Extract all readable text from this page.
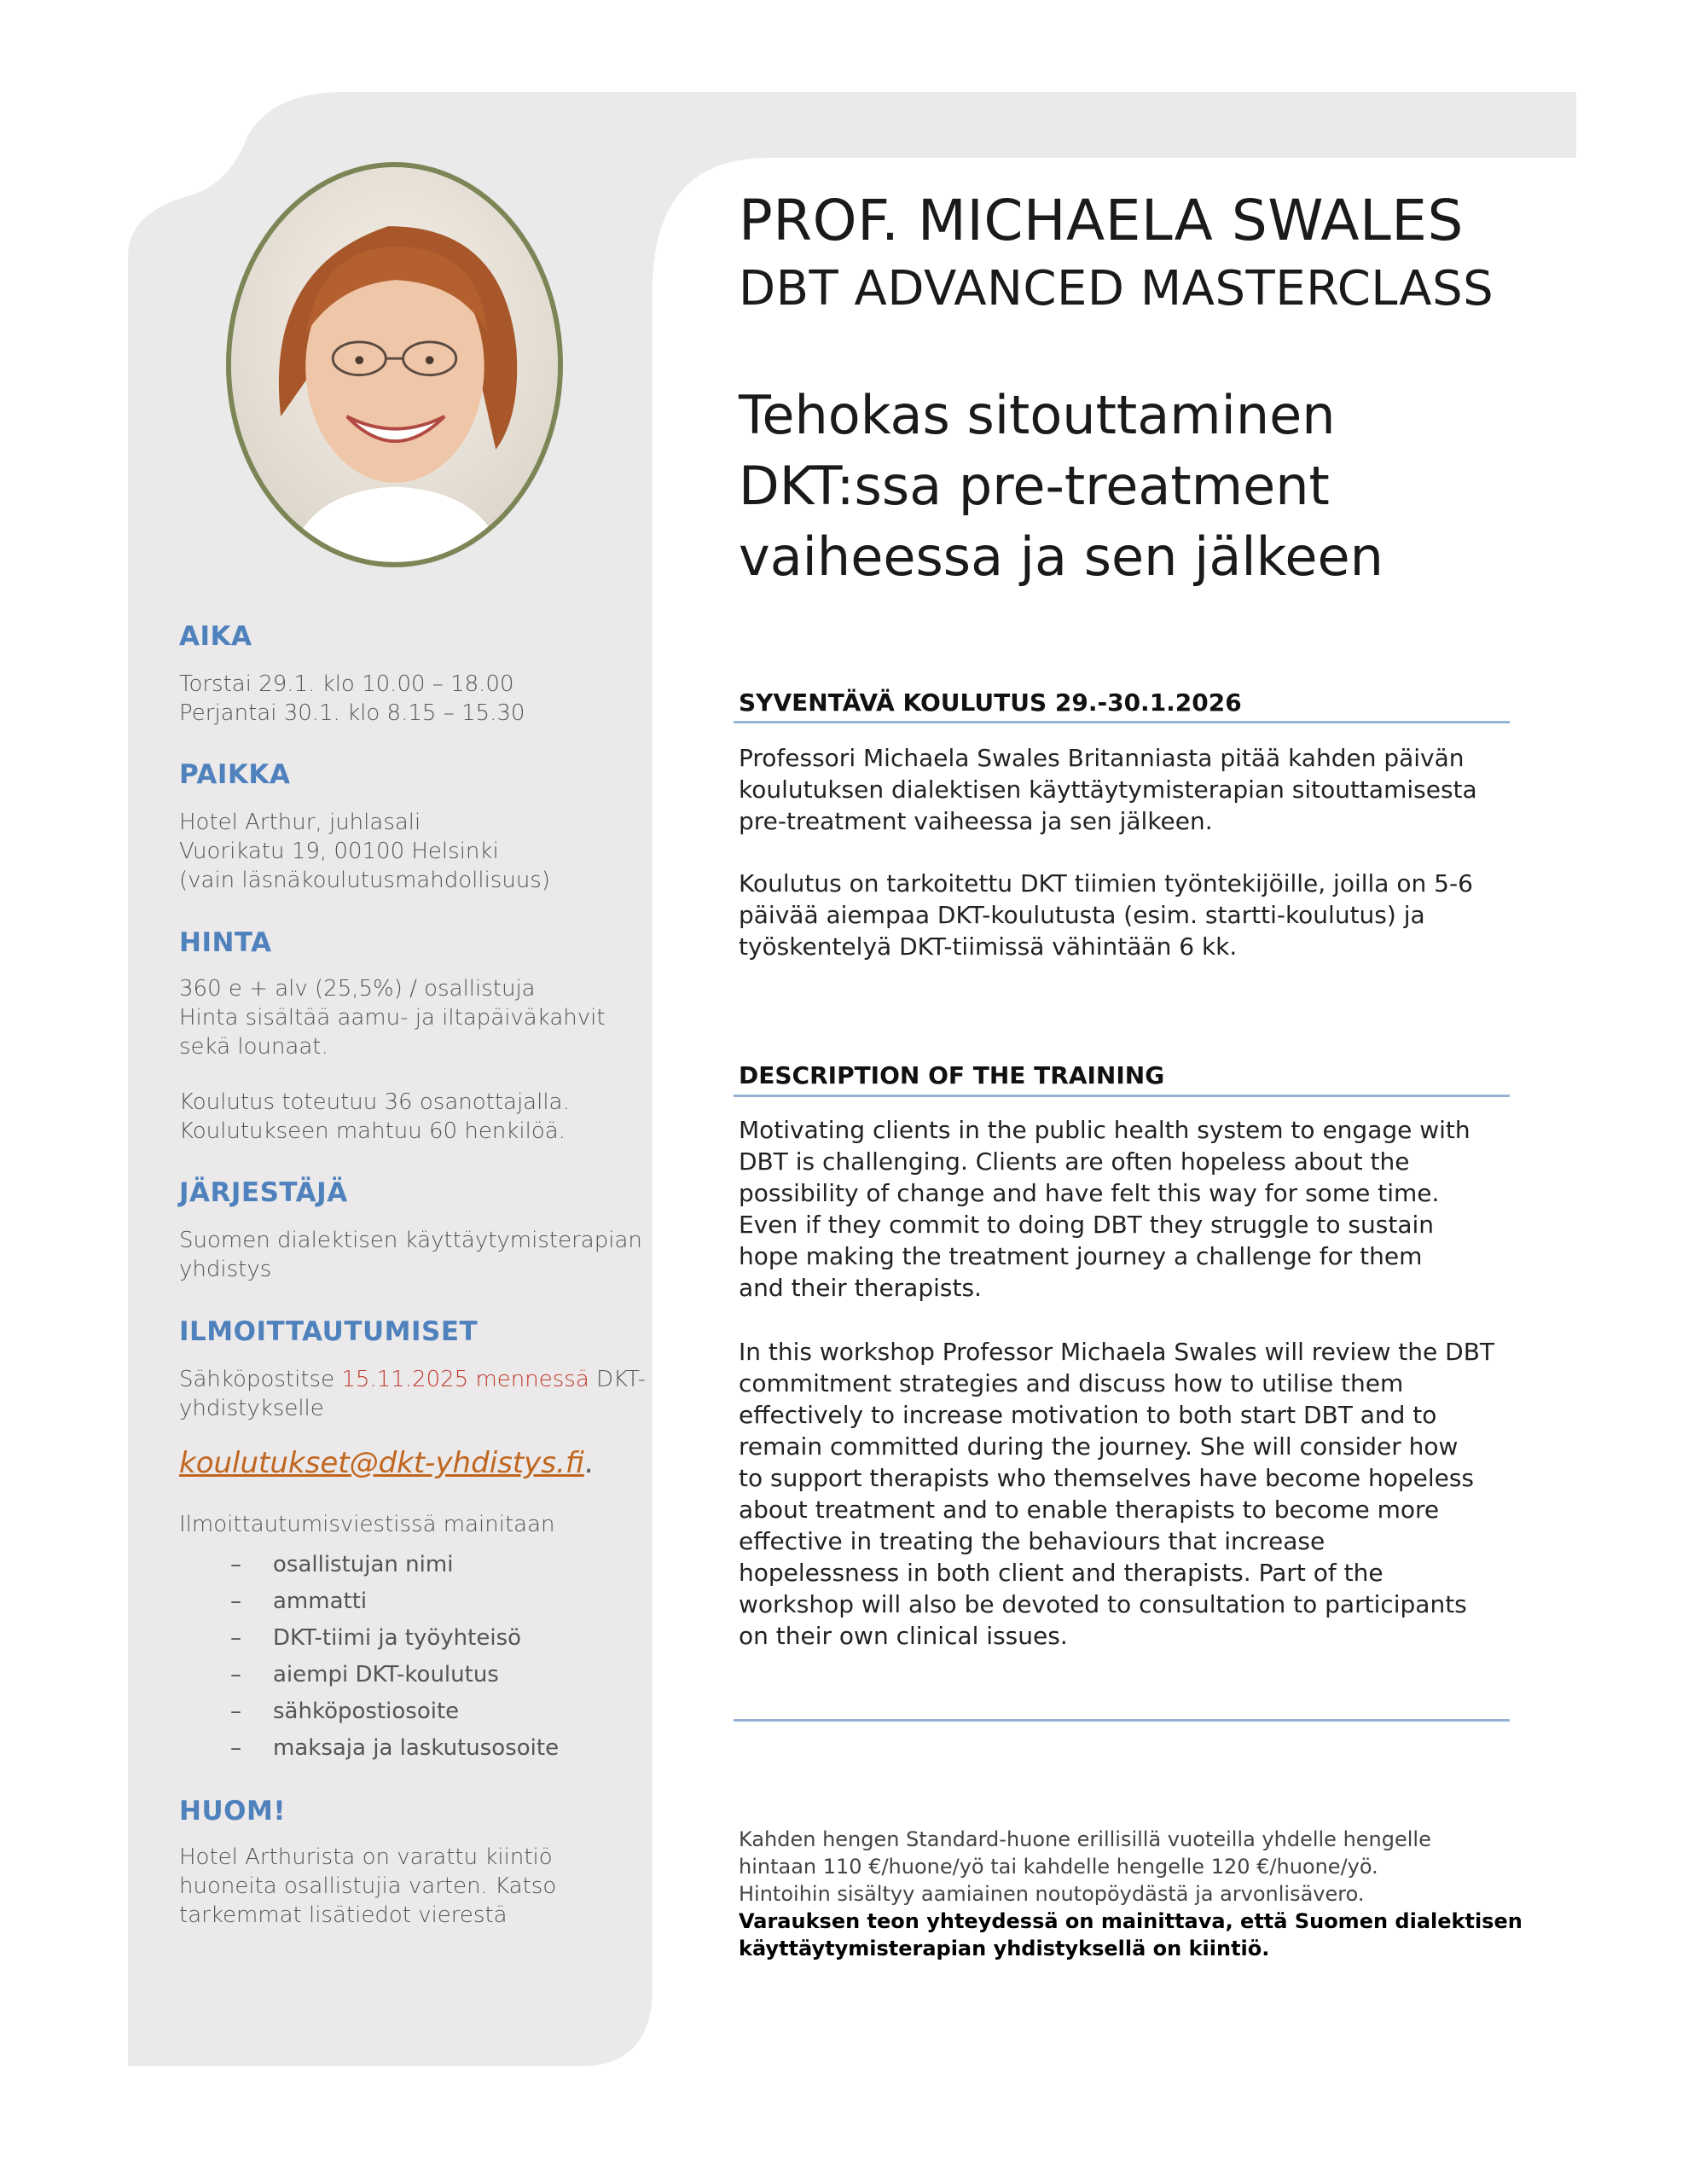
AIKA

Torstai 29.1. klo 10.00 – 18.00

Perjantai 30.1. klo 8.15 – 15.30

PAIKKA

Hotel Arthur, juhlasali

Vuorikatu 19, 00100 Helsinki

(vain läsnäkoulutusmahdollisuus)

HINTA

360 e + alv (25,5%) / osallistuja

Hinta sisältää aamu- ja iltapäiväkahvit

sekä lounaat.

Koulutus toteutuu 36 osanottajalla.

Koulutukseen mahtuu 60 henkilöä.

JÄRJESTÄJÄ

Suomen dialektisen käyttäytymisterapian

yhdistys

ILMOITTAUTUMISET

Sähköpostitse 15.11.2025 mennessä DKT-

yhdistykselle

koulutukset@dkt-yhdistys.fi.

Ilmoittautumisviestissä mainitaan

– osallistujan nimi
– ammatti
– DKT-tiimi ja työyhteisö
– aiempi DKT-koulutus
– sähköpostiosoite
– maksaja ja laskutusosoite
HUOM!

Hotel Arthurista on varattu kiintiö

huoneita osallistujia varten. Katso

tarkemmat lisätiedot vierestä

PROF. MICHAELA SWALES
DBT ADVANCED MASTERCLASS
Tehokas sitouttaminen
DKT:ssa pre-treatment
vaiheessa ja sen jälkeen
SYVENTÄVÄ KOULUTUS 29.-30.1.2026

Professori Michaela Swales Britanniasta pitää kahden päivän

koulutuksen dialektisen käyttäytymisterapian sitouttamisesta

pre-treatment vaiheessa ja sen jälkeen.

Koulutus on tarkoitettu DKT tiimien työntekijöille, joilla on 5-6

päivää aiempaa DKT-koulutusta (esim. startti-koulutus) ja

työskentelyä DKT-tiimissä vähintään 6 kk.

DESCRIPTION OF THE TRAINING

Motivating clients in the public health system to engage with

DBT is challenging. Clients are often hopeless about the

possibility of change and have felt this way for some time.

Even if they commit to doing DBT they struggle to sustain

hope making the treatment journey a challenge for them

and their therapists.

In this workshop Professor Michaela Swales will review the DBT

commitment strategies and discuss how to utilise them

effectively to increase motivation to both start DBT and to

remain committed during the journey. She will consider how

to support therapists who themselves have become hopeless

about treatment and to enable therapists to become more

effective in treating the behaviours that increase

hopelessness in both client and therapists. Part of the

workshop will also be devoted to consultation to participants

on their own clinical issues.

Kahden hengen Standard-huone erillisillä vuoteilla yhdelle hengelle

hintaan 110 €/huone/yö tai kahdelle hengelle 120 €/huone/yö.

Hintoihin sisältyy aamiainen noutopöydästä ja arvonlisävero.

Varauksen teon yhteydessä on mainittava, että Suomen dialektisen

käyttäytymisterapian yhdistyksellä on kiintiö.
